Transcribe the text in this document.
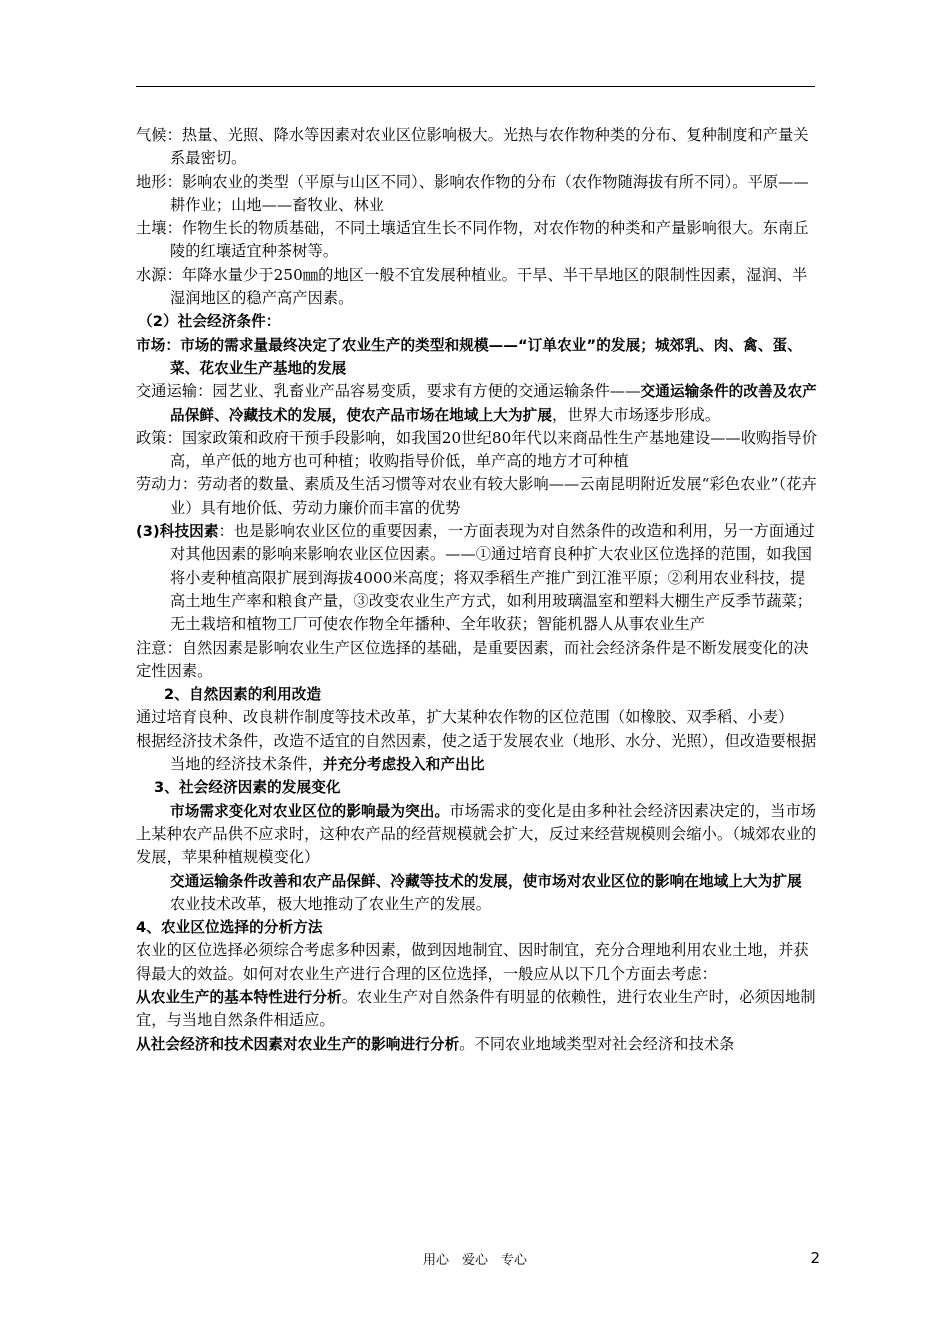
气候：热量、光照、降水等因素对农业区位影响极大。光热与农作物种类的分布、复种制度和产量关系最密切。

地形：影响农业的类型（平原与山区不同）、影响农作物的分布（农作物随海拔有所不同）。平原——耕作业；山地——畜牧业、林业

土壤：作物生长的物质基础，不同土壤适宜生长不同作物，对农作物的种类和产量影响很大。东南丘陵的红壤适宜种茶树等。

水源：年降水量少于250㎜的地区一般不宜发展种植业。干旱、半干旱地区的限制性因素，湿润、半湿润地区的稳产高产因素。

（2）社会经济条件：

市场：市场的需求量最终决定了农业生产的类型和规模——“订单农业”的发展；城郊乳、肉、禽、蛋、菜、花农业生产基地的发展

交通运输：园艺业、乳畜业产品容易变质，要求有方便的交通运输条件——交通运输条件的改善及农产品保鲜、冷藏技术的发展，使农产品市场在地域上大为扩展，世界大市场逐步形成。

政策：国家政策和政府干预手段影响，如我国20世纪80年代以来商品性生产基地建设——收购指导价高，单产低的地方也可种植；收购指导价低，单产高的地方才可种植

劳动力：劳动者的数量、素质及生活习惯等对农业有较大影响——云南昆明附近发展“彩色农业”（花卉业）具有地价低、劳动力廉价而丰富的优势

(3)科技因素：也是影响农业区位的重要因素，一方面表现为对自然条件的改造和利用，另一方面通过对其他因素的影响来影响农业区位因素。——①通过培育良种扩大农业区位选择的范围，如我国将小麦种植高限扩展到海拔4000米高度；将双季稻生产推广到江淮平原；②利用农业科技，提高土地生产率和粮食产量，③改变农业生产方式，如利用玻璃温室和塑料大棚生产反季节蔬菜；无土栽培和植物工厂可使农作物全年播种、全年收获；智能机器人从事农业生产

注意：自然因素是影响农业生产区位选择的基础，是重要因素，而社会经济条件是不断发展变化的决定性因素。

2、自然因素的利用改造

通过培育良种、改良耕作制度等技术改革，扩大某种农作物的区位范围（如橡胶、双季稻、小麦）

根据经济技术条件，改造不适宜的自然因素，使之适于发展农业（地形、水分、光照），但改造要根据当地的经济技术条件，并充分考虑投入和产出比

3、社会经济因素的发展变化

市场需求变化对农业区位的影响最为突出。市场需求的变化是由多种社会经济因素决定的，当市场上某种农产品供不应求时，这种农产品的经营规模就会扩大，反过来经营规模则会缩小。（城郊农业的发展，苹果种植规模变化）

交通运输条件改善和农产品保鲜、冷藏等技术的发展，使市场对农业区位的影响在地域上大为扩展

农业技术改革，极大地推动了农业生产的发展。

4、农业区位选择的分析方法

农业的区位选择必须综合考虑多种因素，做到因地制宜、因时制宜，充分合理地利用农业土地，并获得最大的效益。如何对农业生产进行合理的区位选择，一般应从以下几个方面去考虑：

从农业生产的基本特性进行分析。农业生产对自然条件有明显的依赖性，进行农业生产时，必须因地制宜，与当地自然条件相适应。

从社会经济和技术因素对农业生产的影响进行分析。不同农业地域类型对社会经济和技术条

用心　爱心　专心	2
